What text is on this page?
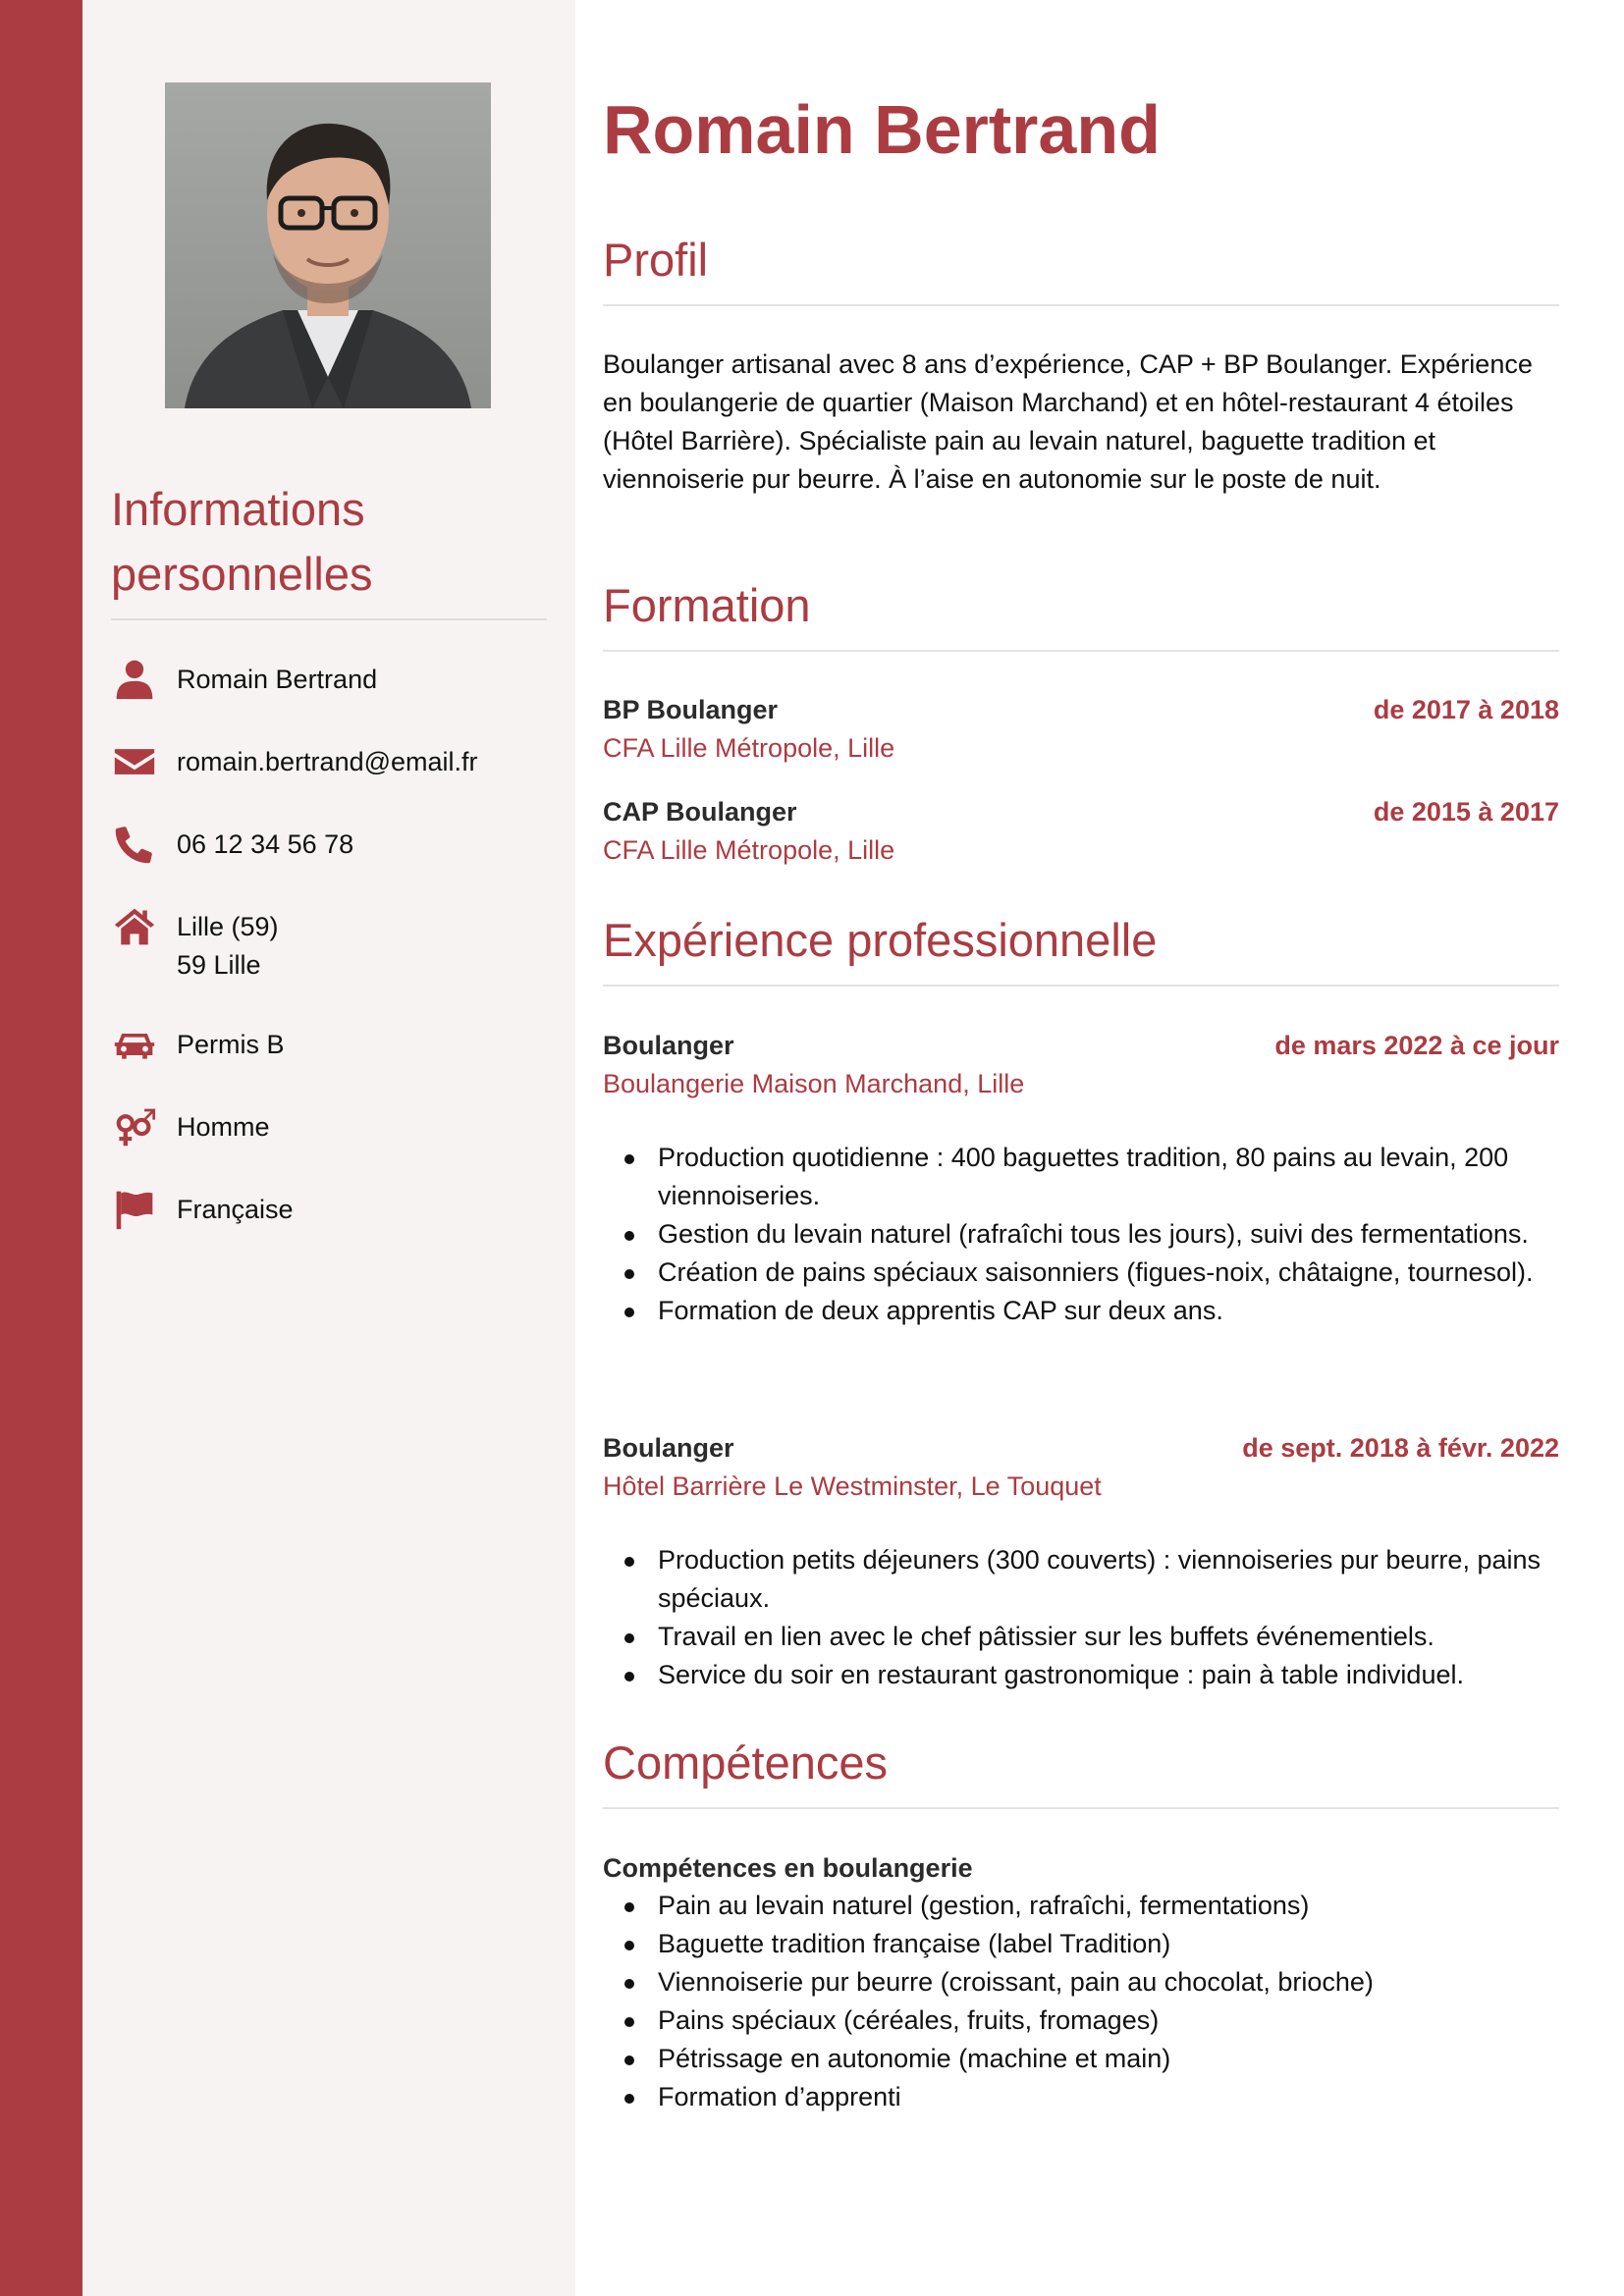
Informations personnelles
Romain Bertrand
romain.bertrand@email.fr
06 12 34 56 78
Lille (59)
59 Lille
Permis B
Homme
Française
Romain Bertrand
Profil

Boulanger artisanal avec 8 ans d’expérience, CAP + BP Boulanger. Expérience en boulangerie de quartier (Maison Marchand) et en hôtel-restaurant 4 étoiles (Hôtel Barrière). Spécialiste pain au levain naturel, baguette tradition et viennoiserie pur beurre. À l’aise en autonomie sur le poste de nuit.

Formation
BP Boulanger	de 2017 à 2018
CFA Lille Métropole, Lille
CAP Boulanger	de 2015 à 2017
CFA Lille Métropole, Lille
Expérience professionnelle
Boulanger	de mars 2022 à ce jour
Boulangerie Maison Marchand, Lille
Production quotidienne : 400 baguettes tradition, 80 pains au levain, 200 viennoiseries.
Gestion du levain naturel (rafraîchi tous les jours), suivi des fermentations.
Création de pains spéciaux saisonniers (figues-noix, châtaigne, tournesol).
Formation de deux apprentis CAP sur deux ans.
Boulanger	de sept. 2018 à févr. 2022
Hôtel Barrière Le Westminster, Le Touquet
Production petits déjeuners (300 couverts) : viennoiseries pur beurre, pains spéciaux.
Travail en lien avec le chef pâtissier sur les buffets événementiels.
Service du soir en restaurant gastronomique : pain à table individuel.
Compétences
Compétences en boulangerie
Pain au levain naturel (gestion, rafraîchi, fermentations)
Baguette tradition française (label Tradition)
Viennoiserie pur beurre (croissant, pain au chocolat, brioche)
Pains spéciaux (céréales, fruits, fromages)
Pétrissage en autonomie (machine et main)
Formation d’apprenti
